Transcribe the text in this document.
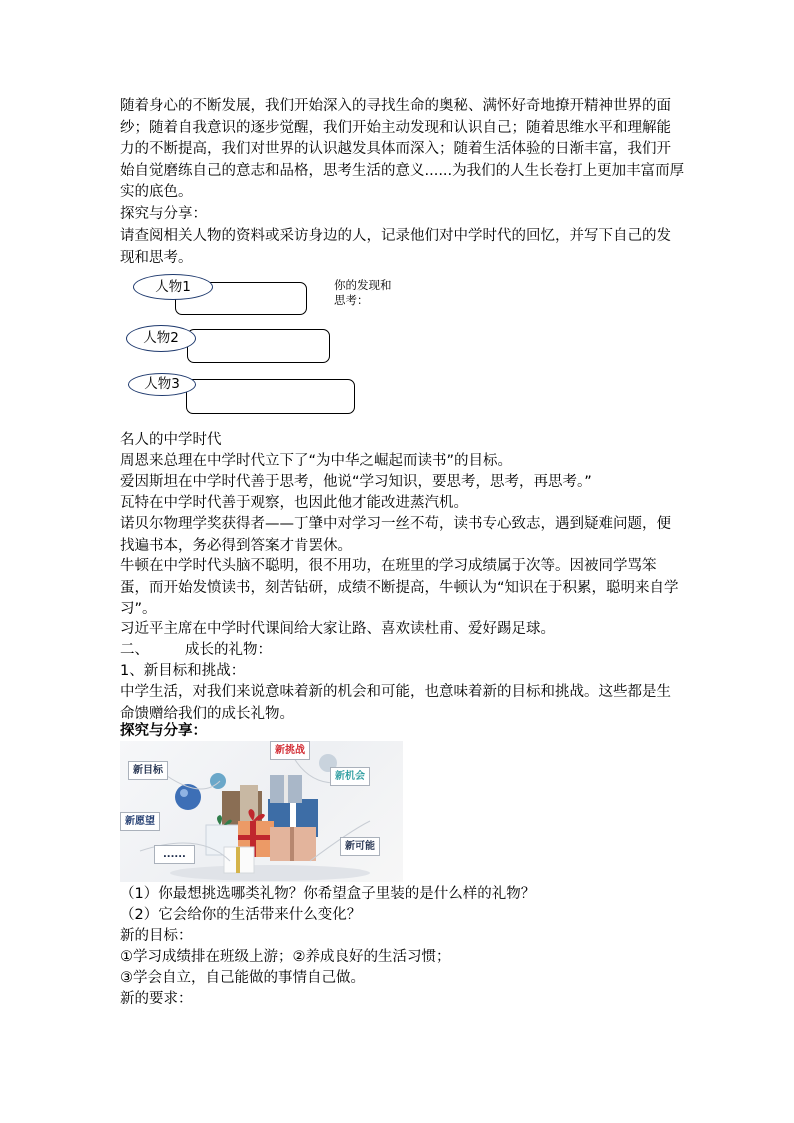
随着身心的不断发展，我们开始深入的寻找生命的奥秘、满怀好奇地撩开精神世界的面纱；随着自我意识的逐步觉醒，我们开始主动发现和认识自己；随着思维水平和理解能力的不断提高，我们对世界的认识越发具体而深入；随着生活体验的日渐丰富，我们开始自觉磨练自己的意志和品格，思考生活的意义......为我们的人生长卷打上更加丰富而厚实的底色。

探究与分享：

请查阅相关人物的资料或采访身边的人，记录他们对中学时代的回忆，并写下自己的发现和思考。

人物1
人物2
人物3
你的发现和思考：

名人的中学时代

周恩来总理在中学时代立下了“为中华之崛起而读书”的目标。

爱因斯坦在中学时代善于思考，他说“学习知识，要思考，思考，再思考。”

瓦特在中学时代善于观察，也因此他才能改进蒸汽机。

诺贝尔物理学奖获得者——丁肇中对学习一丝不苟，读书专心致志，遇到疑难问题，便找遍书本，务必得到答案才肯罢休。

牛顿在中学时代头脑不聪明，很不用功，在班里的学习成绩属于次等。因被同学骂笨蛋，而开始发愤读书，刻苦钻研，成绩不断提高，牛顿认为“知识在于积累，聪明来自学习”。

习近平主席在中学时代课间给大家让路、喜欢读杜甫、爱好踢足球。

二、 成长的礼物：

1、新目标和挑战：

中学生活，对我们来说意味着新的机会和可能，也意味着新的目标和挑战。这些都是生命馈赠给我们的成长礼物。

探究与分享：

新挑战
新目标
新机会
新愿望
新可能
......

（1）你最想挑选哪类礼物？你希望盒子里装的是什么样的礼物？

（2）它会给你的生活带来什么变化？

新的目标：

①学习成绩排在班级上游；②养成良好的生活习惯；

③学会自立，自己能做的事情自己做。

新的要求：
